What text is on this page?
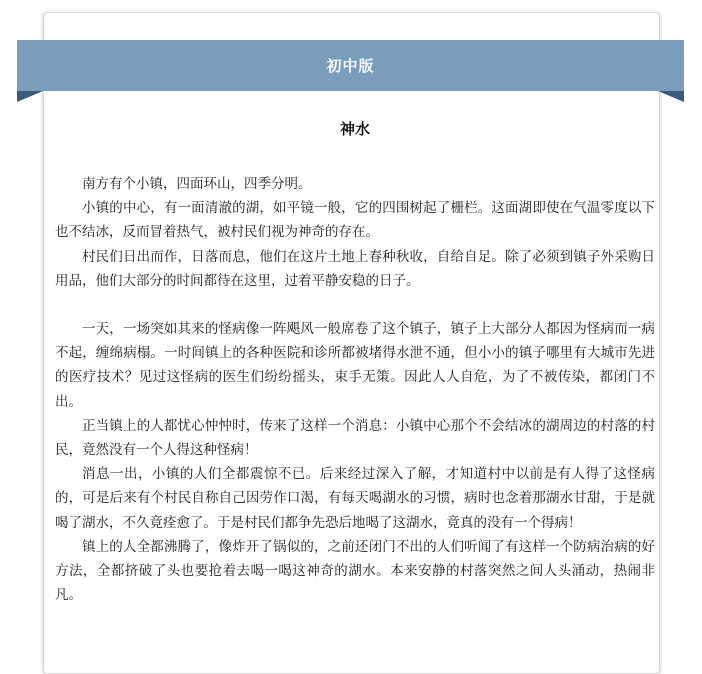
初中版
神水

南方有个小镇，四面环山，四季分明。

小镇的中心，有一面清澈的湖，如平镜一般，它的四围树起了栅栏。这面湖即使在气温零度以下也不结冰，反而冒着热气，被村民们视为神奇的存在。

村民们日出而作，日落而息，他们在这片土地上春种秋收，自给自足。除了必须到镇子外采购日用品，他们大部分的时间都待在这里，过着平静安稳的日子。

一天，一场突如其来的怪病像一阵飓风一般席卷了这个镇子，镇子上大部分人都因为怪病而一病不起，缠绵病榻。一时间镇上的各种医院和诊所都被堵得水泄不通，但小小的镇子哪里有大城市先进的医疗技术？见过这怪病的医生们纷纷摇头，束手无策。因此人人自危，为了不被传染，都闭门不出。

正当镇上的人都忧心忡忡时，传来了这样一个消息：小镇中心那个不会结冰的湖周边的村落的村民，竟然没有一个人得这种怪病！

消息一出，小镇的人们全都震惊不已。后来经过深入了解，才知道村中以前是有人得了这怪病的，可是后来有个村民自称自己因劳作口渴，有每天喝湖水的习惯，病时也念着那湖水甘甜，于是就喝了湖水，不久竟痊愈了。于是村民们都争先恐后地喝了这湖水，竟真的没有一个得病！

镇上的人全都沸腾了，像炸开了锅似的，之前还闭门不出的人们听闻了有这样一个防病治病的好方法，全都挤破了头也要抢着去喝一喝这神奇的湖水。本来安静的村落突然之间人头涌动，热闹非凡。
